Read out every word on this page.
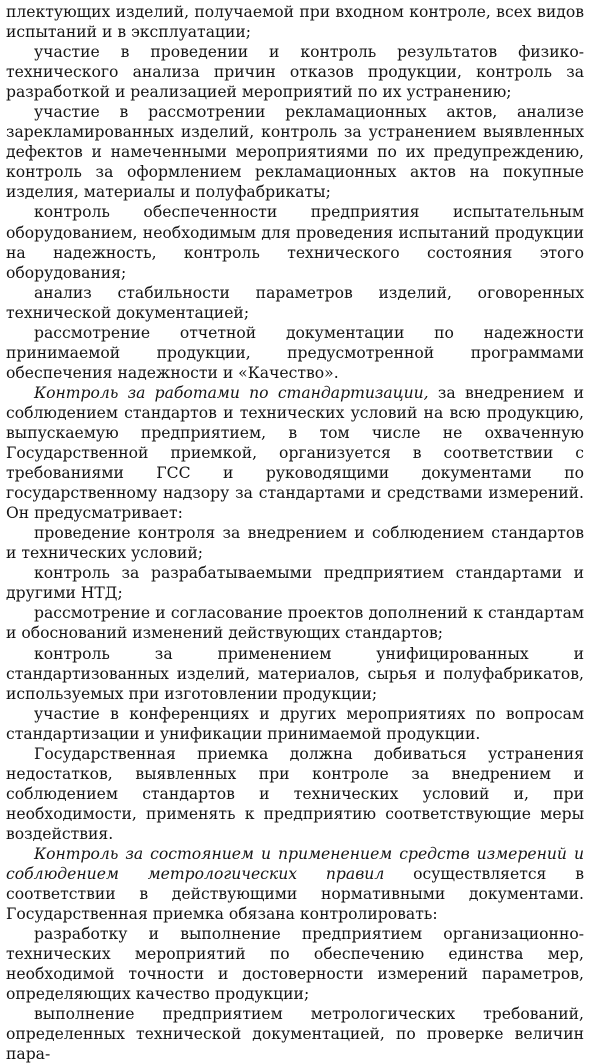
плектующих изделий, получаемой при входном контроле, всех видов испытаний и в эксплуатации;

участие в проведении и контроль результатов физико-технического анализа причин отказов продукции, контроль за разработкой и реализацией мероприятий по их устранению;

участие в рассмотрении рекламационных актов, анализе зарекламированных изделий, контроль за устранением выявленных дефектов и намеченными мероприятиями по их предупреждению, контроль за оформлением рекламационных актов на покупные изделия, материалы и полуфабрикаты;

контроль обеспеченности предприятия испытательным оборудованием, необходимым для проведения испытаний продукции на надежность, контроль технического состояния этого оборудования;

анализ стабильности параметров изделий, оговоренных технической документацией;

рассмотрение отчетной документации по надежности принимаемой продукции, предусмотренной программами обеспечения надежности и «Качество».

Контроль за работами по стандартизации, за внедрением и соблюдением стандартов и технических условий на всю продукцию, выпускаемую предприятием, в том числе не охваченную Государственной приемкой, организуется в соответствии с требованиями ГСС и руководящими документами по государственному надзору за стандартами и средствами измерений. Он предусматривает:

проведение контроля за внедрением и соблюдением стандартов и технических условий;

контроль за разрабатываемыми предприятием стандартами и другими НТД;

рассмотрение и согласование проектов дополнений к стандартам и обоснований изменений действующих стандартов;

контроль за применением унифицированных и стандартизованных изделий, материалов, сырья и полуфабрикатов, используемых при изготовлении продукции;

участие в конференциях и других мероприятиях по вопросам стандартизации и унификации принимаемой продукции.

Государственная приемка должна добиваться устранения недостатков, выявленных при контроле за внедрением и соблюдением стандартов и технических условий и, при необходимости, применять к предприятию соответствующие меры воздействия.

Контроль за состоянием и применением средств измерений и соблюдением метрологических правил осуществляется в соответствии в действующими нормативными документами. Государственная приемка обязана контролировать:

разработку и выполнение предприятием организационно-технических мероприятий по обеспечению единства мер, необходимой точности и достоверности измерений параметров, определяющих качество продукции;

выполнение предприятием метрологических требований, определенных технической документацией, по проверке величин пара-
